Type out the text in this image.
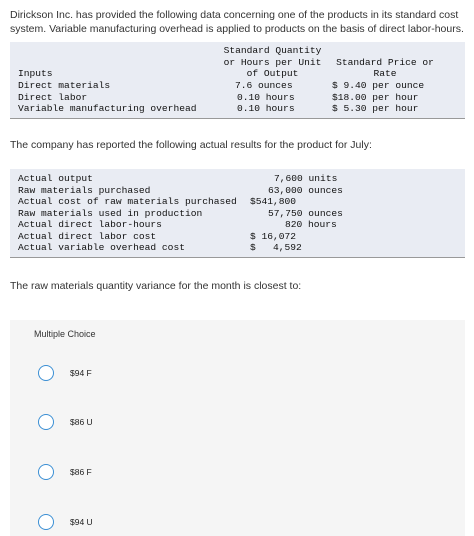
Dirickson Inc. has provided the following data concerning one of the products in its standard cost system. Variable manufacturing overhead is applied to products on the basis of direct labor-hours.
Standard Quantity
or Hours per Unit
of Output
Standard Price or
Rate
Inputs
Direct materials	7.6 ounces	$ 9.40 per ounce
Direct labor	0.10 hours	$18.00 per hour
Variable manufacturing overhead	0.10 hours	$ 5.30 per hour
The company has reported the following actual results for the product for July:
Actual output	7,600 units
Raw materials purchased	63,000 ounces
Actual cost of raw materials purchased $541,800
Raw materials used in production	57,750 ounces
Actual direct labor-hours	820 hours
Actual direct labor cost	$ 16,072
Actual variable overhead cost	$   4,592
The raw materials quantity variance for the month is closest to:
Multiple Choice
$94 F
$86 U
$86 F
$94 U
